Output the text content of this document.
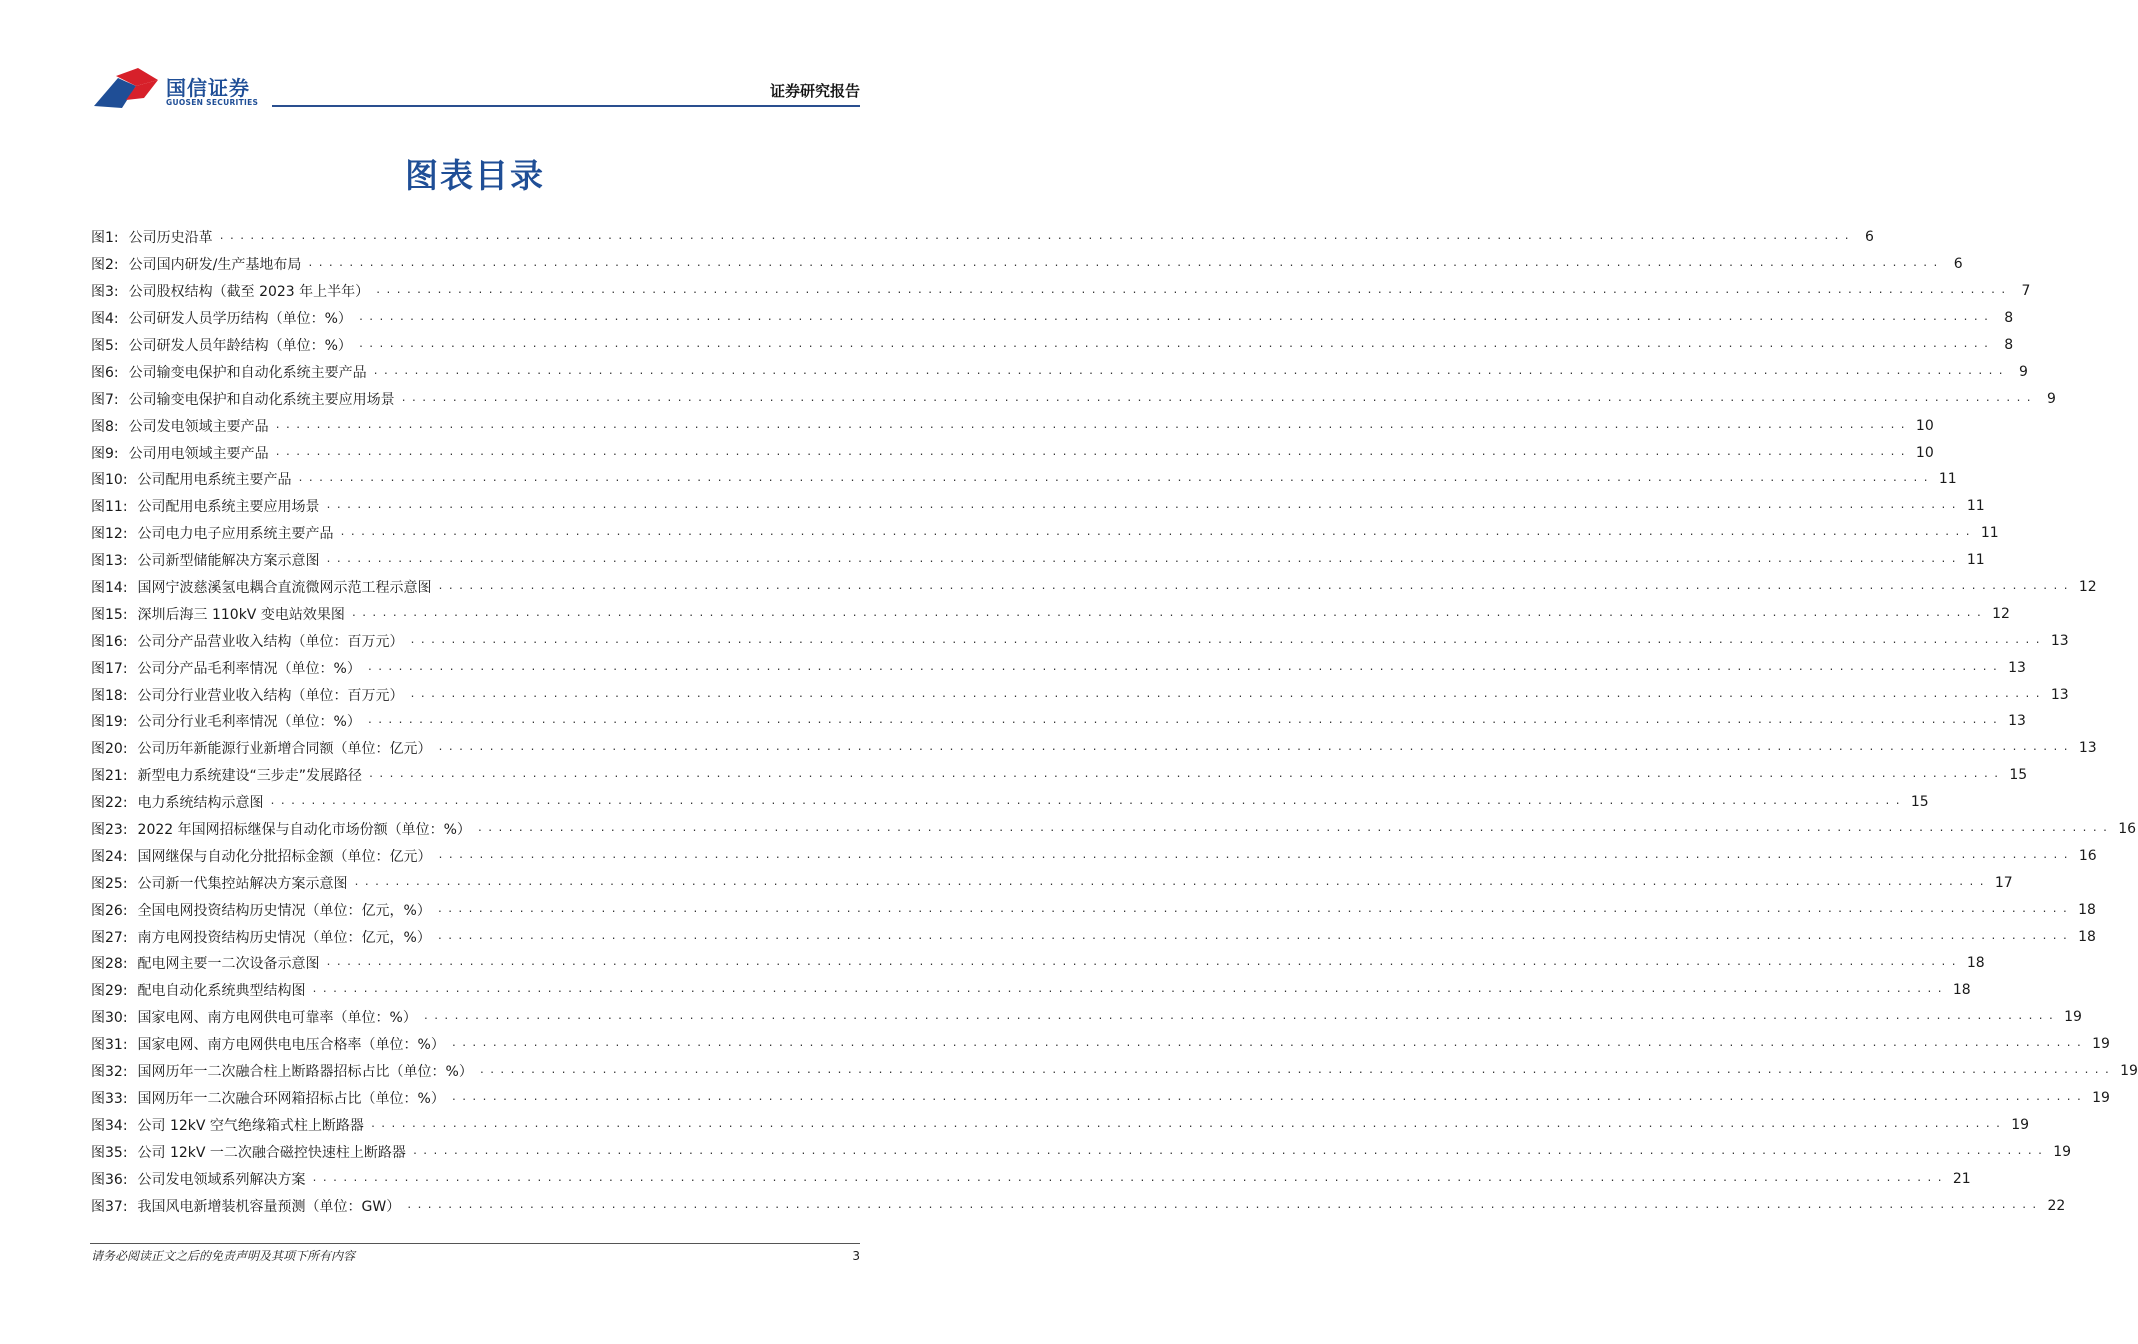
国信证券
GUOSEN SECURITIES
证券研究报告
图表目录
图1: 公司历史沿革 ................................................................................................................................................................ 6
图2: 公司国内研发/生产基地布局 ................................................................................................................................................................ 6
图3: 公司股权结构（截至 2023 年上半年） ................................................................................................................................................................ 7
图4: 公司研发人员学历结构（单位：%） ................................................................................................................................................................ 8
图5: 公司研发人员年龄结构（单位：%） ................................................................................................................................................................ 8
图6: 公司输变电保护和自动化系统主要产品 ................................................................................................................................................................ 9
图7: 公司输变电保护和自动化系统主要应用场景 ................................................................................................................................................................ 9
图8: 公司发电领域主要产品 ................................................................................................................................................................ 10
图9: 公司用电领域主要产品 ................................................................................................................................................................ 10
图10: 公司配用电系统主要产品 ................................................................................................................................................................ 11
图11: 公司配用电系统主要应用场景 ................................................................................................................................................................ 11
图12: 公司电力电子应用系统主要产品 ................................................................................................................................................................ 11
图13: 公司新型储能解决方案示意图 ................................................................................................................................................................ 11
图14: 国网宁波慈溪氢电耦合直流微网示范工程示意图 ................................................................................................................................................................ 12
图15: 深圳后海三 110kV 变电站效果图 ................................................................................................................................................................ 12
图16: 公司分产品营业收入结构（单位：百万元） ................................................................................................................................................................ 13
图17: 公司分产品毛利率情况（单位：%） ................................................................................................................................................................ 13
图18: 公司分行业营业收入结构（单位：百万元） ................................................................................................................................................................ 13
图19: 公司分行业毛利率情况（单位：%） ................................................................................................................................................................ 13
图20: 公司历年新能源行业新增合同额（单位：亿元） ................................................................................................................................................................ 13
图21: 新型电力系统建设“三步走”发展路径 ................................................................................................................................................................ 15
图22: 电力系统结构示意图 ................................................................................................................................................................ 15
图23: 2022 年国网招标继保与自动化市场份额（单位：%） ................................................................................................................................................................ 16
图24: 国网继保与自动化分批招标金额（单位：亿元） ................................................................................................................................................................ 16
图25: 公司新一代集控站解决方案示意图 ................................................................................................................................................................ 17
图26: 全国电网投资结构历史情况（单位：亿元，%） ................................................................................................................................................................ 18
图27: 南方电网投资结构历史情况（单位：亿元，%） ................................................................................................................................................................ 18
图28: 配电网主要一二次设备示意图 ................................................................................................................................................................ 18
图29: 配电自动化系统典型结构图 ................................................................................................................................................................ 18
图30: 国家电网、南方电网供电可靠率（单位：%） ................................................................................................................................................................ 19
图31: 国家电网、南方电网供电电压合格率（单位：%） ................................................................................................................................................................ 19
图32: 国网历年一二次融合柱上断路器招标占比（单位：%） ................................................................................................................................................................ 19
图33: 国网历年一二次融合环网箱招标占比（单位：%） ................................................................................................................................................................ 19
图34: 公司 12kV 空气绝缘箱式柱上断路器 ................................................................................................................................................................ 19
图35: 公司 12kV 一二次融合磁控快速柱上断路器 ................................................................................................................................................................ 19
图36: 公司发电领域系列解决方案 ................................................................................................................................................................ 21
图37: 我国风电新增装机容量预测（单位：GW） ................................................................................................................................................................ 22
请务必阅读正文之后的免责声明及其项下所有内容	3
